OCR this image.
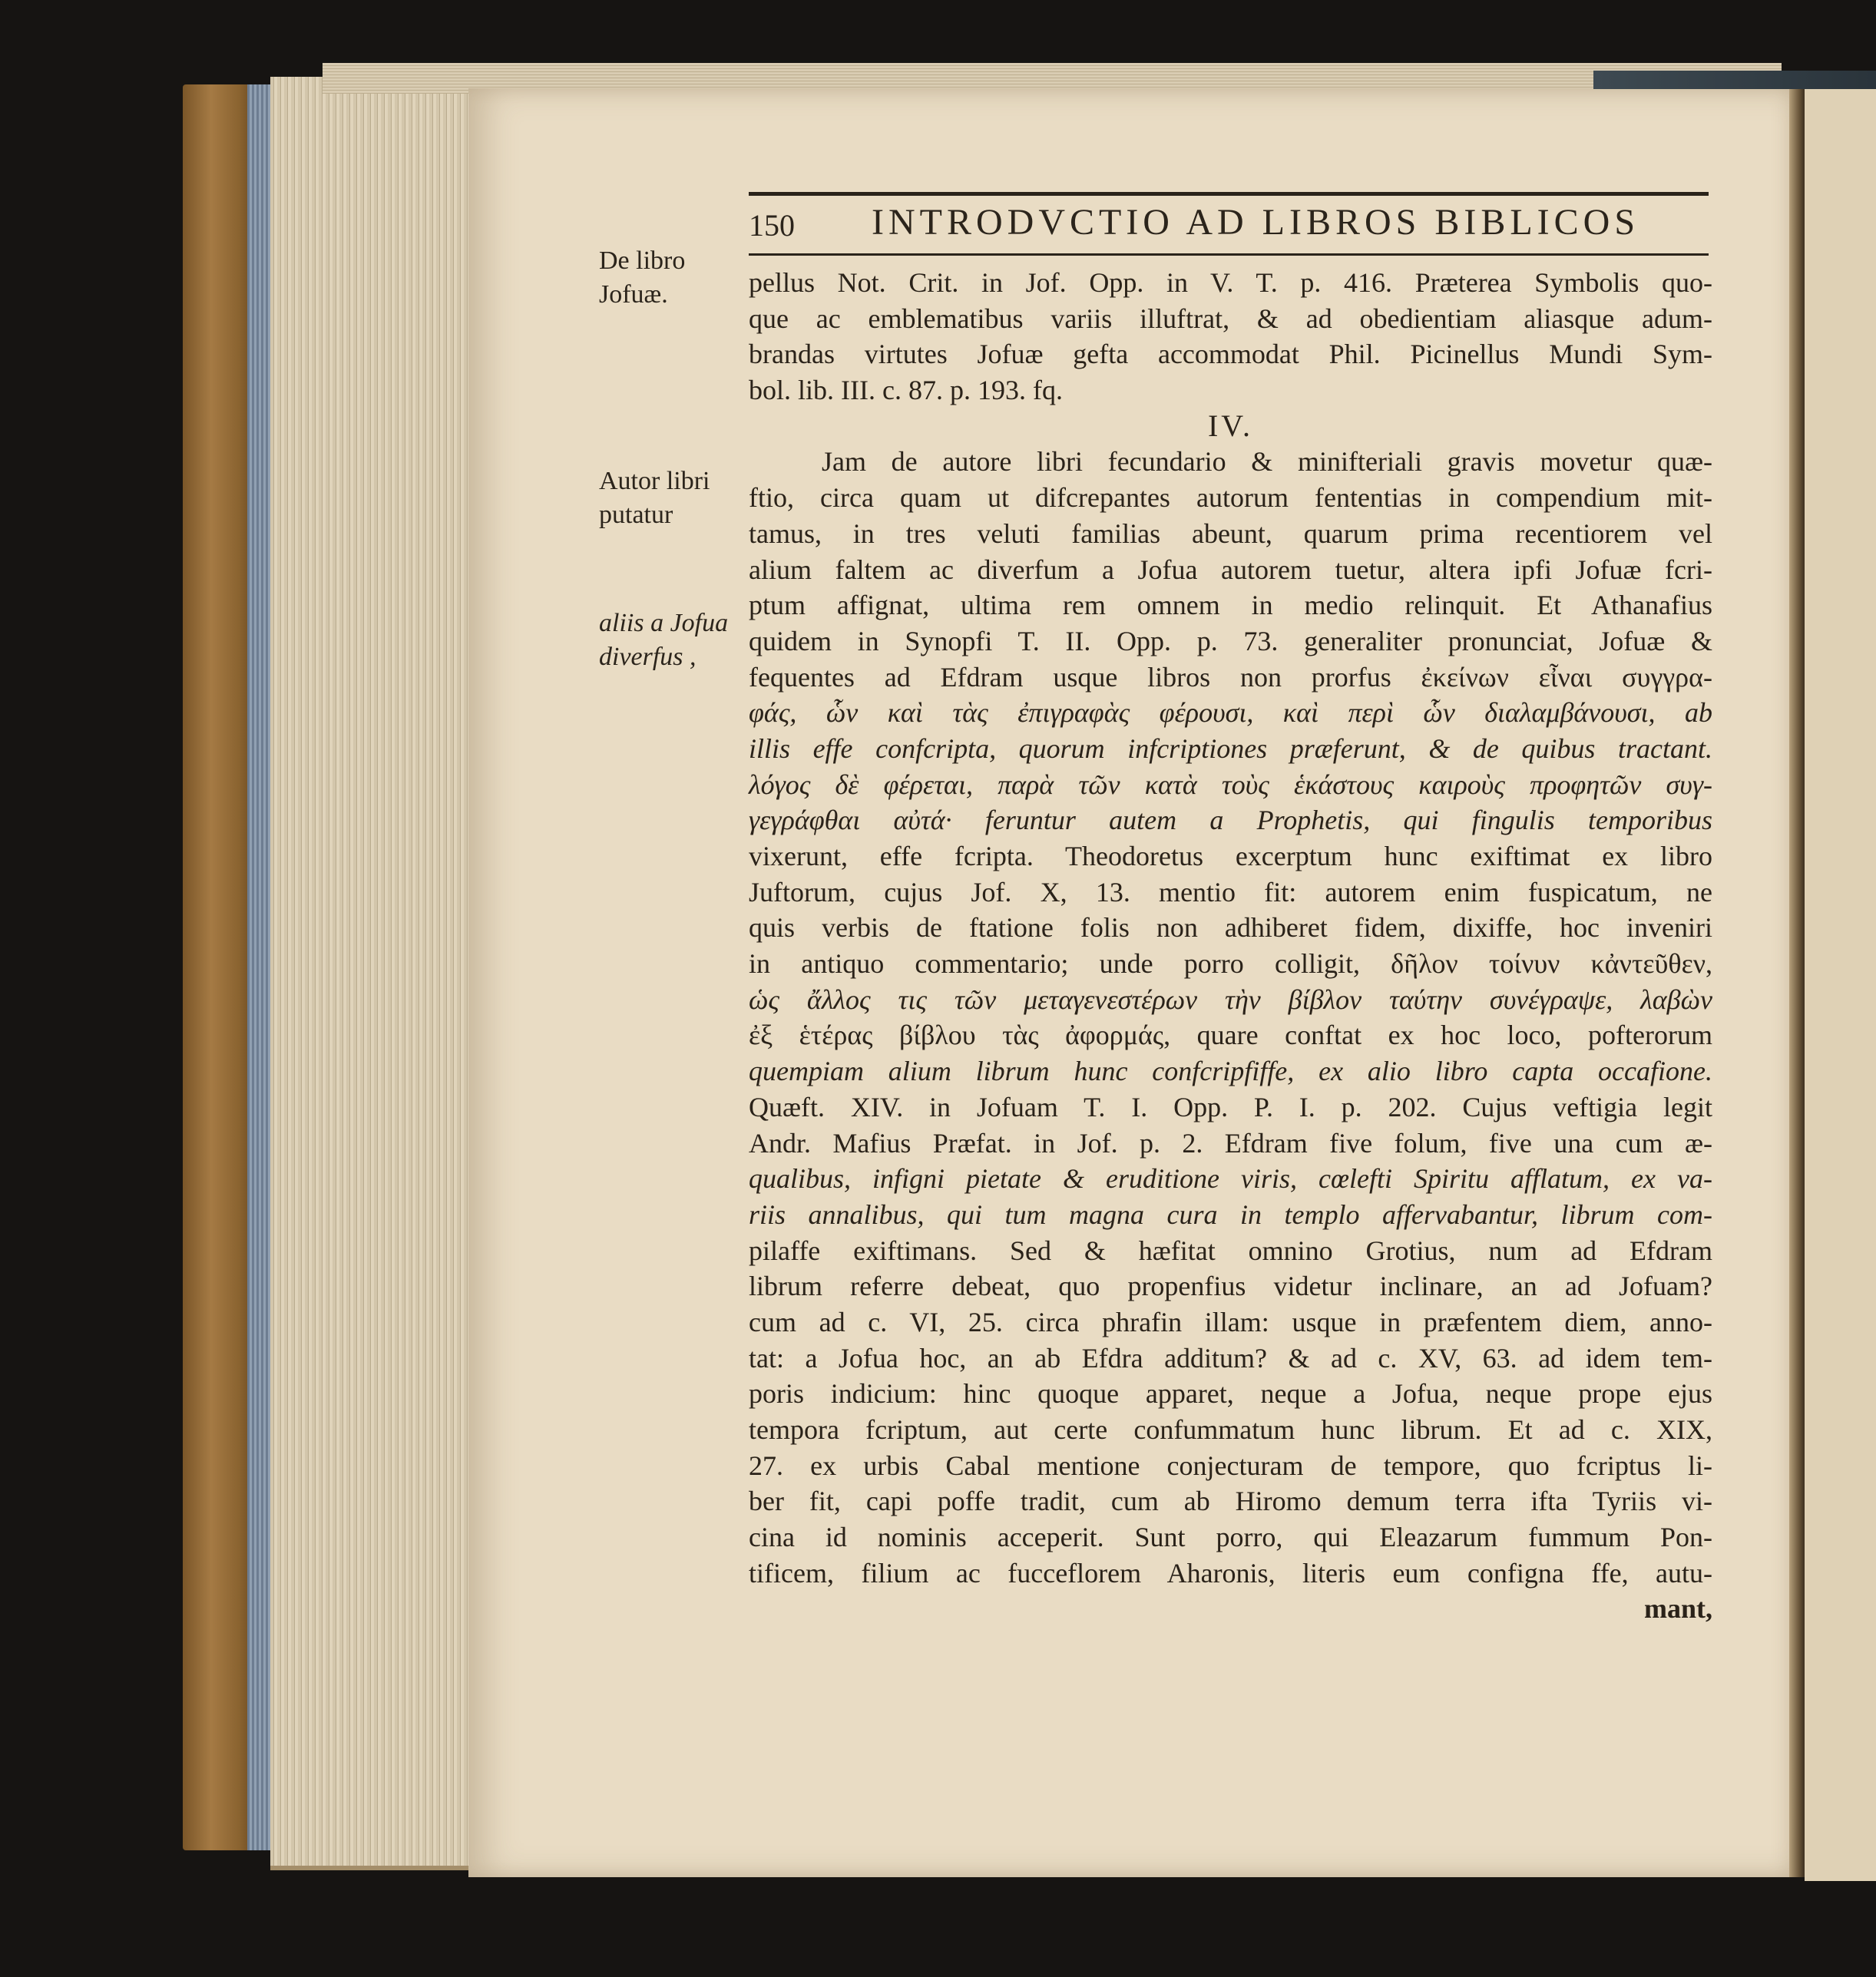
150 INTRODVCTIO AD LIBROS BIBLICOS
De libro
Jofuæ.
Autor libri
putatur
aliis a Jofua
diverfus ,
pellus Not. Crit. in Jof. Opp. in V. T. p. 416. Præterea Symbolis quo-
que ac emblematibus variis illuftrat, & ad obedientiam aliasque adum-
brandas virtutes Jofuæ gefta accommodat Phil. Picinellus Mundi Sym-
bol. lib. III. c. 87. p. 193. fq.
IV.
Jam de autore libri fecundario & minifteriali gravis movetur quæ-
ftio, circa quam ut difcrepantes autorum fententias in compendium mit-
tamus, in tres veluti familias abeunt, quarum prima recentiorem vel
alium faltem ac diverfum a Jofua autorem tuetur, altera ipfi Jofuæ fcri-
ptum affignat, ultima rem omnem in medio relinquit. Et Athanafius
quidem in Synopfi T. II. Opp. p. 73. generaliter pronunciat, Jofuæ &
fequentes ad Efdram usque libros non prorfus ἐκείνων εἶναι συγγρα-
φάς, ὧν καὶ τὰς ἐπιγραφὰς φέρουσι, καὶ περὶ ὧν διαλαμβάνουσι, ab
illis effe confcripta, quorum infcriptiones præferunt, & de quibus tractant.
λόγος δὲ φέρεται, παρὰ τῶν κατὰ τοὺς ἑκάστους καιροὺς προφητῶν συγ-
γεγράφθαι αὐτά· feruntur autem a Prophetis, qui fingulis temporibus
vixerunt, effe fcripta. Theodoretus excerptum hunc exiftimat ex libro
Juftorum, cujus Jof. X, 13. mentio fit: autorem enim fuspicatum, ne
quis verbis de ftatione folis non adhiberet fidem, dixiffe, hoc inveniri
in antiquo commentario; unde porro colligit, δῆλον τοίνυν κἀντεῦθεν,
ὡς ἄλλος τις τῶν μεταγενεστέρων τὴν βίβλον ταύτην συνέγραψε, λαβὼν
ἐξ ἑτέρας βίβλου τὰς ἀφορμάς, quare conftat ex hoc loco, pofterorum
quempiam alium librum hunc confcripfiffe, ex alio libro capta occafione.
Quæft. XIV. in Jofuam T. I. Opp. P. I. p. 202. Cujus veftigia legit
Andr. Mafius Præfat. in Jof. p. 2. Efdram five folum, five una cum æ-
qualibus, infigni pietate & eruditione viris, cœlefti Spiritu afflatum, ex va-
riis annalibus, qui tum magna cura in templo affervabantur, librum com-
pilaffe exiftimans. Sed & hæfitat omnino Grotius, num ad Efdram
librum referre debeat, quo propenfius videtur inclinare, an ad Jofuam?
cum ad c. VI, 25. circa phrafin illam: usque in præfentem diem, anno-
tat: a Jofua hoc, an ab Efdra additum? & ad c. XV, 63. ad idem tem-
poris indicium: hinc quoque apparet, neque a Jofua, neque prope ejus
tempora fcriptum, aut certe confummatum hunc librum. Et ad c. XIX,
27. ex urbis Cabal mentione conjecturam de tempore, quo fcriptus li-
ber fit, capi poffe tradit, cum ab Hiromo demum terra ifta Tyriis vi-
cina id nominis acceperit. Sunt porro, qui Eleazarum fummum Pon-
tificem, filium ac fucceflorem Aharonis, literis eum configna ffe, autu-
mant,
